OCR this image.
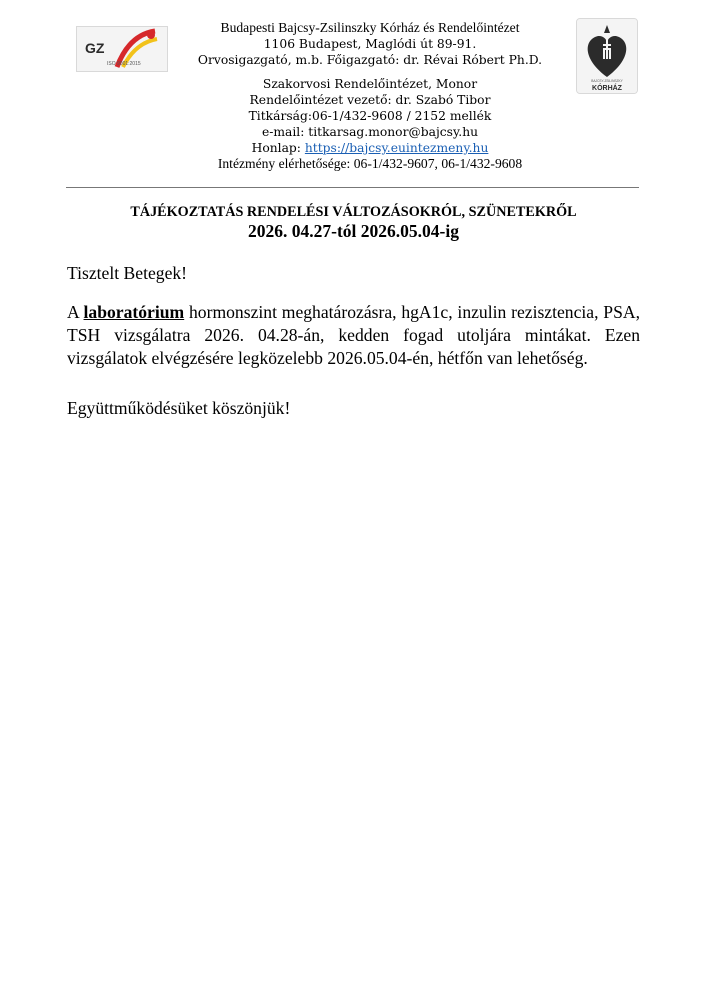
GZ
ISO 9001:2015
Budapesti Bajcsy-Zsilinszky Kórház és Rendelőintézet
1106 Budapest, Maglódi út 89-91.
Orvosigazgató, m.b. Főigazgató: dr. Révai Róbert Ph.D.
Szakorvosi Rendelőintézet, Monor
Rendelőintézet vezető: dr. Szabó Tibor
Titkárság:06-1/432-9608 / 2152 mellék
e-mail: titkarsag.monor@bajcsy.hu
Honlap: https://bajcsy.euintezmeny.hu
Intézmény elérhetősége: 06-1/432-9607, 06-1/432-9608
BAJCSY-ZSILINSZKY
KÓRHÁZ
TÁJÉKOZTATÁS RENDELÉSI VÁLTOZÁSOKRÓL, SZÜNETEKRŐL
2026. 04.27-tól 2026.05.04-ig

Tisztelt Betegek!

A laboratórium hormonszint meghatározásra, hgA1c, inzulin rezisztencia, PSA, TSH vizsgálatra 2026. 04.28-án, kedden fogad utoljára mintákat. Ezen vizsgálatok elvégzésére legközelebb 2026.05.04-én, hétfőn van lehetőség.

Együttműködésüket köszönjük!
